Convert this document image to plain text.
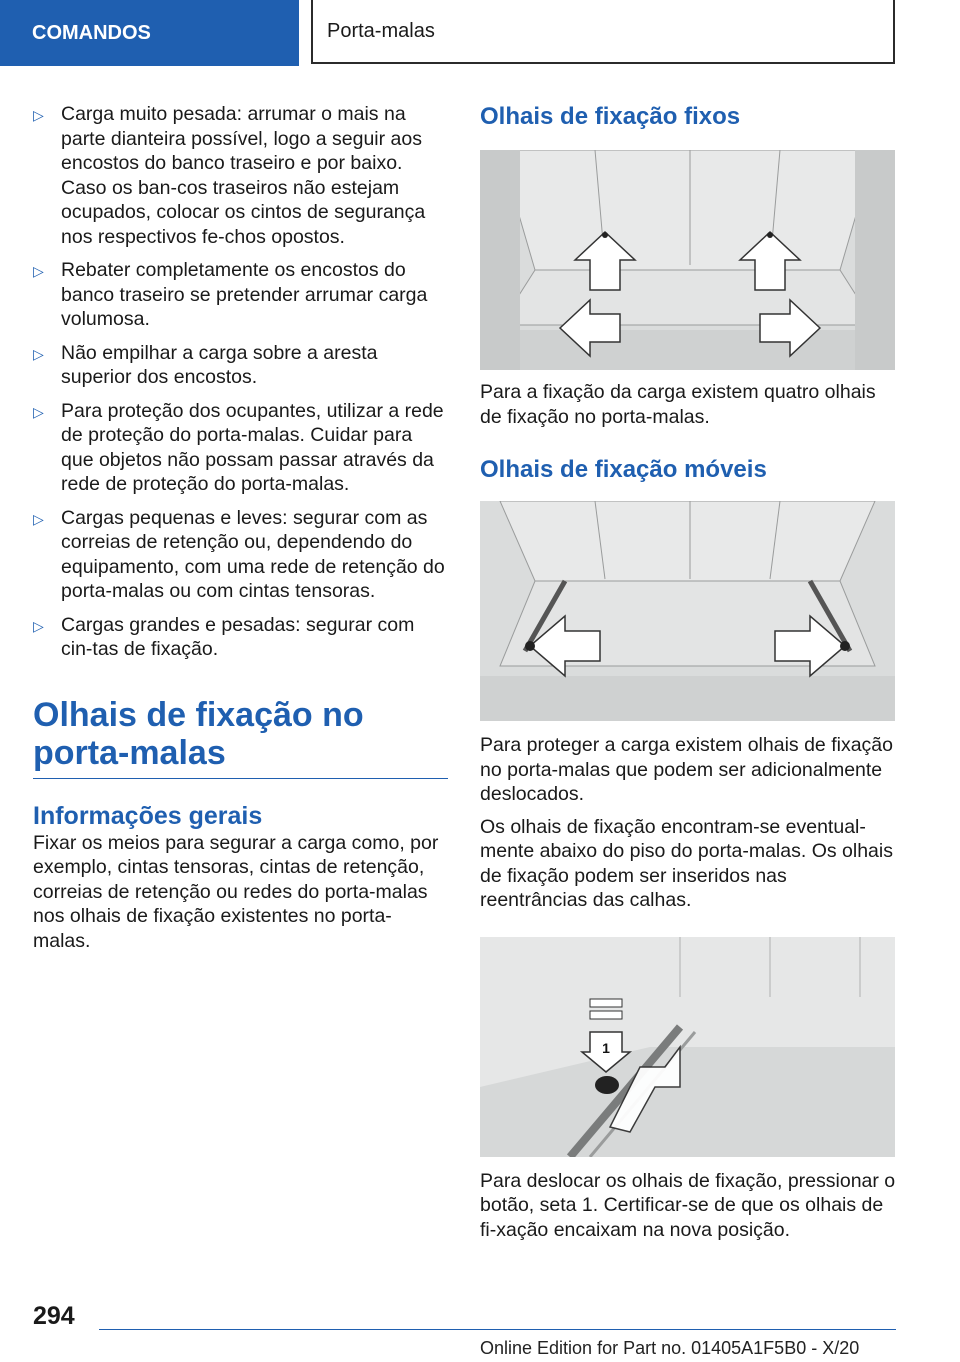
COMANDOS	Porta-malas
▷ Carga muito pesada: arrumar o mais na parte dianteira possível, logo a seguir aos encostos do banco traseiro e por baixo. Caso os ban‐cos traseiros não estejam ocupados, colocar os cintos de segurança nos respectivos fe‐chos opostos.
▷ Rebater completamente os encostos do banco traseiro se pretender arrumar carga volumosa.
▷ Não empilhar a carga sobre a aresta superior dos encostos.
▷ Para proteção dos ocupantes, utilizar a rede de proteção do porta-malas. Cuidar para que objetos não possam passar através da rede de proteção do porta-malas.
▷ Cargas pequenas e leves: segurar com as correias de retenção ou, dependendo do equipamento, com uma rede de retenção do porta-malas ou com cintas tensoras.
▷ Cargas grandes e pesadas: segurar com cin‐tas de fixação.
Olhais de fixação no porta-malas
Informações gerais

Fixar os meios para segurar a carga como, por exemplo, cintas tensoras, cintas de retenção, correias de retenção ou redes do porta-malas nos olhais de fixação existentes no porta-malas.

Olhais de fixação fixos

Para a fixação da carga existem quatro olhais de fixação no porta-malas.

Olhais de fixação móveis

Para proteger a carga existem olhais de fixação no porta-malas que podem ser adicionalmente deslocados.

Os olhais de fixação encontram-se eventual‐mente abaixo do piso do porta-malas. Os olhais de fixação podem ser inseridos nas reentrâncias das calhas.

1

Para deslocar os olhais de fixação, pressionar o botão, seta 1. Certificar-se de que os olhais de fi‐xação encaixam na nova posição.

294
Online Edition for Part no. 01405A1F5B0 - X/20
